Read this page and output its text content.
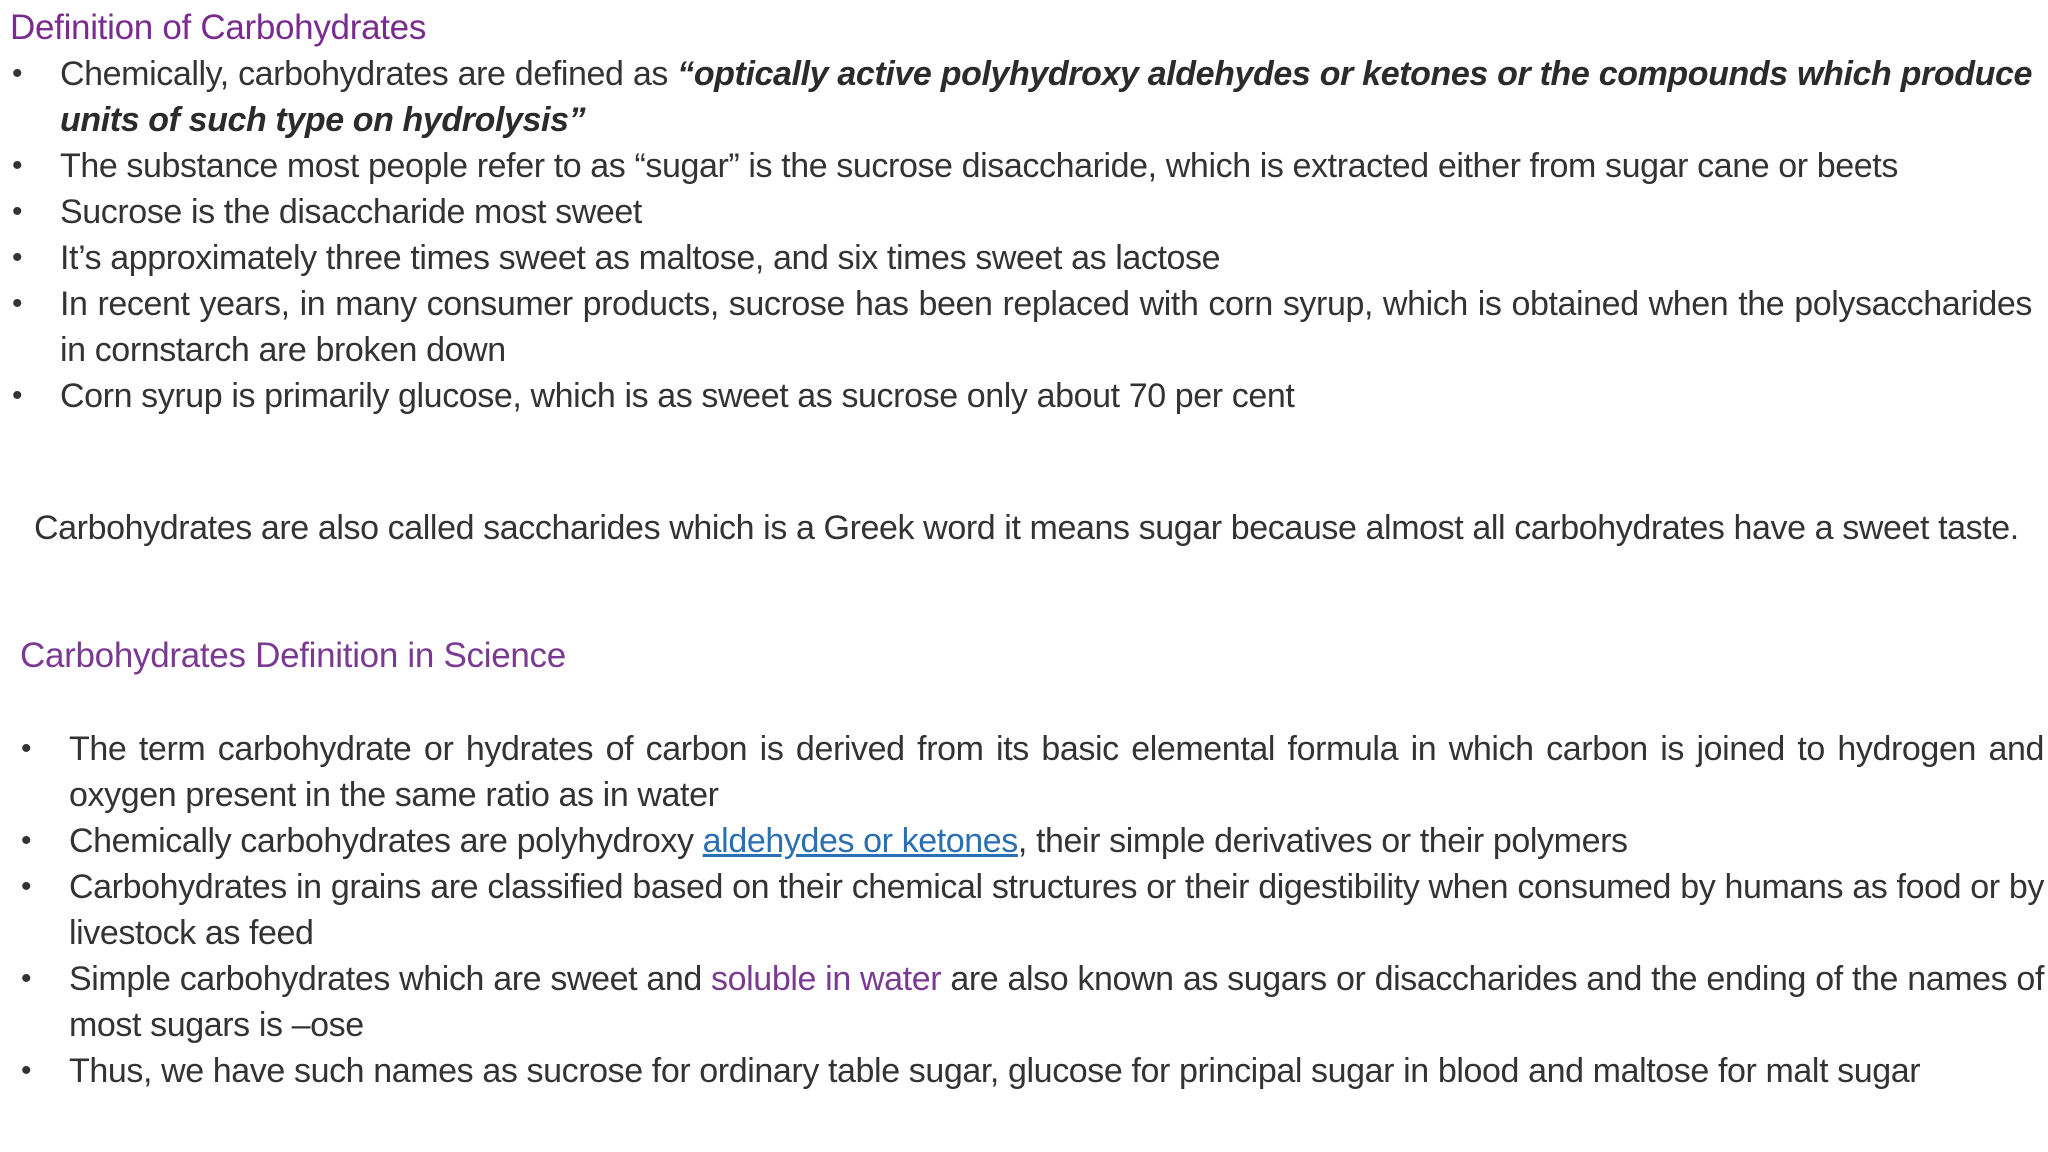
Definition of Carbohydrates
• Chemically, carbohydrates are defined as “optically active polyhydroxy aldehydes or ketones or the compounds which produce units of such type on hydrolysis”
• The substance most people refer to as “sugar” is the sucrose disaccharide, which is extracted either from sugar cane or beets
• Sucrose is the disaccharide most sweet
• It’s approximately three times sweet as maltose, and six times sweet as lactose
• In recent years, in many consumer products, sucrose has been replaced with corn syrup, which is obtained when the polysaccharides in cornstarch are broken down
• Corn syrup is primarily glucose, which is as sweet as sucrose only about 70 per cent

Carbohydrates are also called saccharides which is a Greek word it means sugar because almost all carbohydrates have a sweet taste.

Carbohydrates Definition in Science
• The term carbohydrate or hydrates of carbon is derived from its basic elemental formula in which carbon is joined to hydrogen and oxygen present in the same ratio as in water
• Chemically carbohydrates are polyhydroxy aldehydes or ketones, their simple derivatives or their polymers
• Carbohydrates in grains are classified based on their chemical structures or their digestibility when consumed by humans as food or by livestock as feed
• Simple carbohydrates which are sweet and soluble in water are also known as sugars or disaccharides and the ending of the names of most sugars is –ose
• Thus, we have such names as sucrose for ordinary table sugar, glucose for principal sugar in blood and maltose for malt sugar
